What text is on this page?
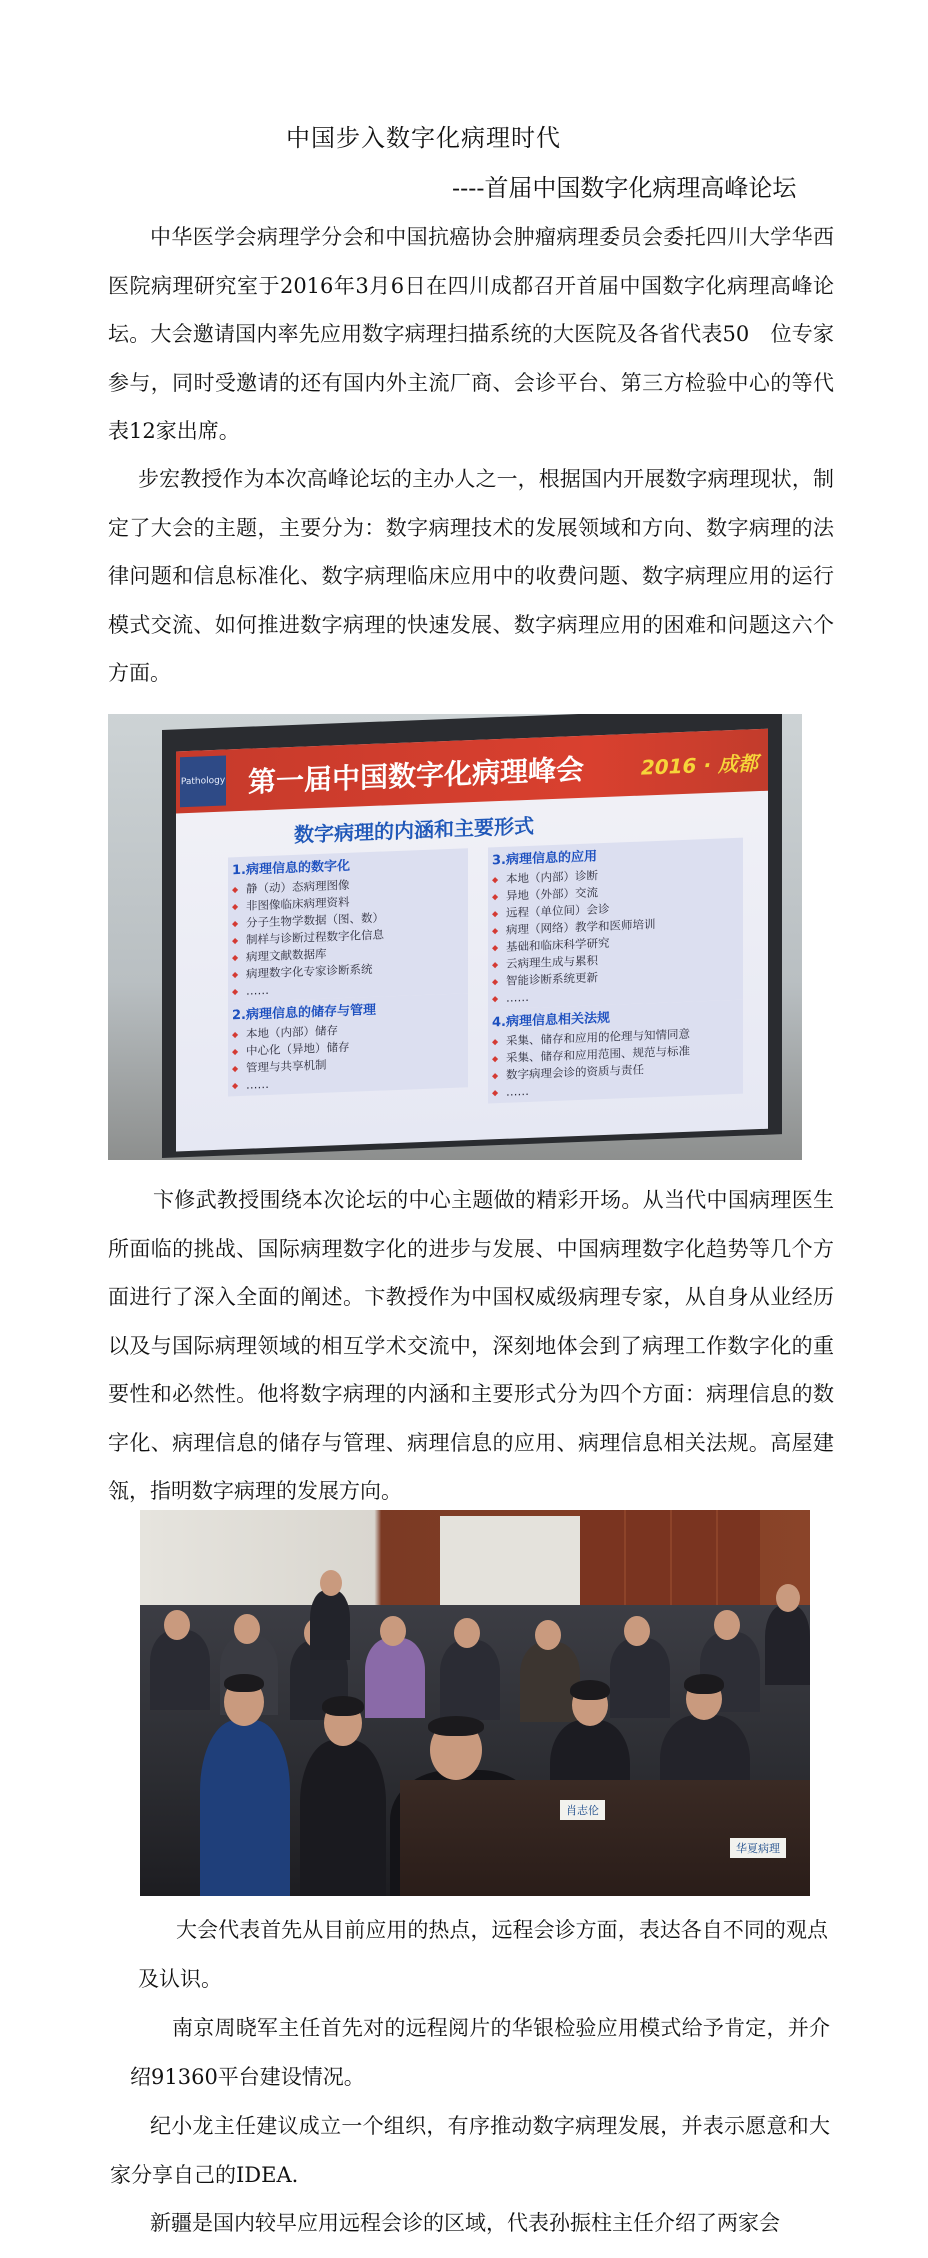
中国步入数字化病理时代
----首届中国数字化病理高峰论坛

中华医学会病理学分会和中国抗癌协会肿瘤病理委员会委托四川大学华西医院病理研究室于2016年3月6日在四川成都召开首届中国数字化病理高峰论坛。大会邀请国内率先应用数字病理扫描系统的大医院及各省代表50　位专家参与，同时受邀请的还有国内外主流厂商、会诊平台、第三方检验中心的等代表12家出席。

步宏教授作为本次高峰论坛的主办人之一，根据国内开展数字病理现状，制定了大会的主题，主要分为：数字病理技术的发展领域和方向、数字病理的法律问题和信息标准化、数字病理临床应用中的收费问题、数字病理应用的运行模式交流、如何推进数字病理的快速发展、数字病理应用的困难和问题这六个方面。

Pathology 第一届中国数字化病理峰会	2016 · 成都
数字病理的内涵和主要形式
1.病理信息的数字化
◆ 静（动）态病理图像
◆ 非图像临床病理资料
◆ 分子生物学数据（图、数）
◆ 制样与诊断过程数字化信息
◆ 病理文献数据库
◆ 病理数字化专家诊断系统
◆ ……
2.病理信息的储存与管理
◆ 本地（内部）储存
◆ 中心化（异地）储存
◆ 管理与共享机制
◆ ……
3.病理信息的应用
◆ 本地（内部）诊断
◆ 异地（外部）交流
◆ 远程（单位间）会诊
◆ 病理（网络）教学和医师培训
◆ 基础和临床科学研究
◆ 云病理生成与累积
◆ 智能诊断系统更新
◆ ……
4.病理信息相关法规
◆ 采集、储存和应用的伦理与知情同意
◆ 采集、储存和应用范围、规范与标准
◆ 数字病理会诊的资质与责任
◆ ……

卞修武教授围绕本次论坛的中心主题做的精彩开场。从当代中国病理医生所面临的挑战、国际病理数字化的进步与发展、中国病理数字化趋势等几个方面进行了深入全面的阐述。卞教授作为中国权威级病理专家，从自身从业经历以及与国际病理领域的相互学术交流中，深刻地体会到了病理工作数字化的重要性和必然性。他将数字病理的内涵和主要形式分为四个方面：病理信息的数字化、病理信息的储存与管理、病理信息的应用、病理信息相关法规。高屋建瓴，指明数字病理的发展方向。

肖志伦
华夏病理

大会代表首先从目前应用的热点，远程会诊方面，表达各自不同的观点及认识。

南京周晓军主任首先对的远程阅片的华银检验应用模式给予肯定，并介绍91360平台建设情况。

纪小龙主任建议成立一个组织，有序推动数字病理发展，并表示愿意和大家分享自己的IDEA.

新疆是国内较早应用远程会诊的区域，代表孙振柱主任介绍了两家会
